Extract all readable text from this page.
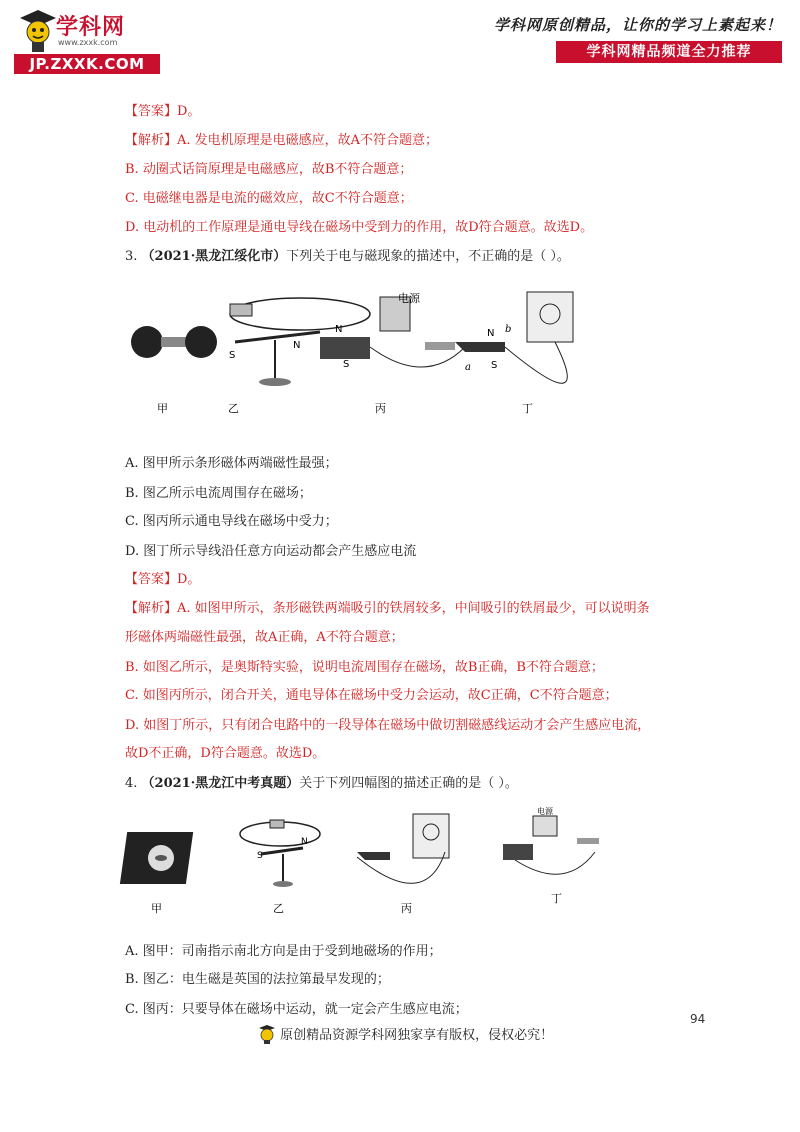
学科网
www.zxxk.com
JP.ZXXK.COM
学科网原创精品，让你的学习上素起来！
学科网精品频道全力推荐
【答案】D。
【解析】A. 发电机原理是电磁感应，故A不符合题意；
B. 动圈式话筒原理是电磁感应，故B不符合题意；
C. 电磁继电器是电流的磁效应，故C不符合题意；
D. 电动机的工作原理是通电导线在磁场中受到力的作用，故D符合题意。故选D。
3. （2021·黑龙江绥化市）下列关于电与磁现象的描述中，不正确的是（ ）。
电源
N
S
N
S	a
b
N
S
甲	乙	丙	丁
A. 图甲所示条形磁体两端磁性最强；
B. 图乙所示电流周围存在磁场；
C. 图丙所示通电导线在磁场中受力；
D. 图丁所示导线沿任意方向运动都会产生感应电流
【答案】D。
【解析】A. 如图甲所示，条形磁铁两端吸引的铁屑较多，中间吸引的铁屑最少，可以说明条
形磁体两端磁性最强，故A正确，A不符合题意；
B. 如图乙所示，是奥斯特实验，说明电流周围存在磁场，故B正确，B不符合题意；
C. 如图丙所示，闭合开关，通电导体在磁场中受力会运动，故C正确，C不符合题意；
D. 如图丁所示，只有闭合电路中的一段导体在磁场中做切割磁感线运动才会产生感应电流，
故D不正确，D符合题意。故选D。
4. （2021·黑龙江中考真题）关于下列四幅图的描述正确的是（ ）。
电源
S
N
甲	乙	丙
丁
A. 图甲：司南指示南北方向是由于受到地磁场的作用；
B. 图乙：电生磁是英国的法拉第最早发现的；
C. 图丙：只要导体在磁场中运动，就一定会产生感应电流；
94
原创精品资源学科网独家享有版权，侵权必究！
